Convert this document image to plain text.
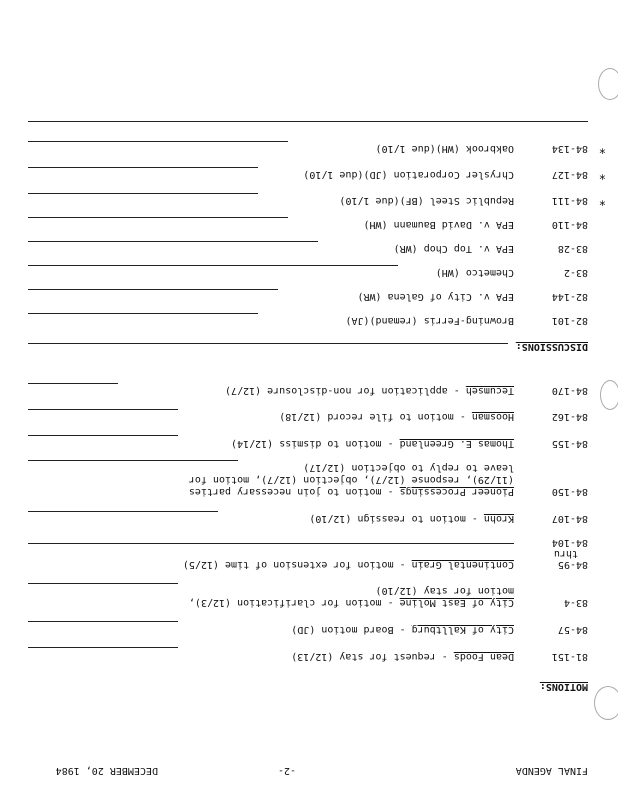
FINAL AGENDA
-2-
DECEMBER 20, 1984
MOTIONS:
81-151
Dean Foods - request for stay (12/13)
84-57
City of Kalltburg - Board motion (JD)
83-4
City of East Moline - motion for clarification (12/3),
motion for stay (12/10)
84-95
thru
84-104
Continental Grain - motion for extension of time (12/5)
84-107
Krohn - motion to reassign (12/10)
84-150
Pioneer Processings - motion to join necessary parties
(11/29), response (12/7), objection (12/7), motion for
leave to reply to objection (12/17)
84-155
Thomas E. Greenland - motion to dismiss (12/14)
84-162
Hoosman - motion to file record (12/18)
84-170
Tecumseh - application for non-disclosure (12/7)
DISCUSSIONS:
82-101
Browning-Ferris (remand)(JA)
82-144
EPA v. City of Galena (WR)
83-2
Chemetco (WH)
83-28
EPA v. Top Chop (WR)
84-110
EPA v. David Baumann (WH)
*
84-111
Republic Steel (BF)(due 1/10)
*
84-127
Chrysler Corporation (JD)(due 1/10)
*
84-134
Oakbrook (WH)(due 1/10)
